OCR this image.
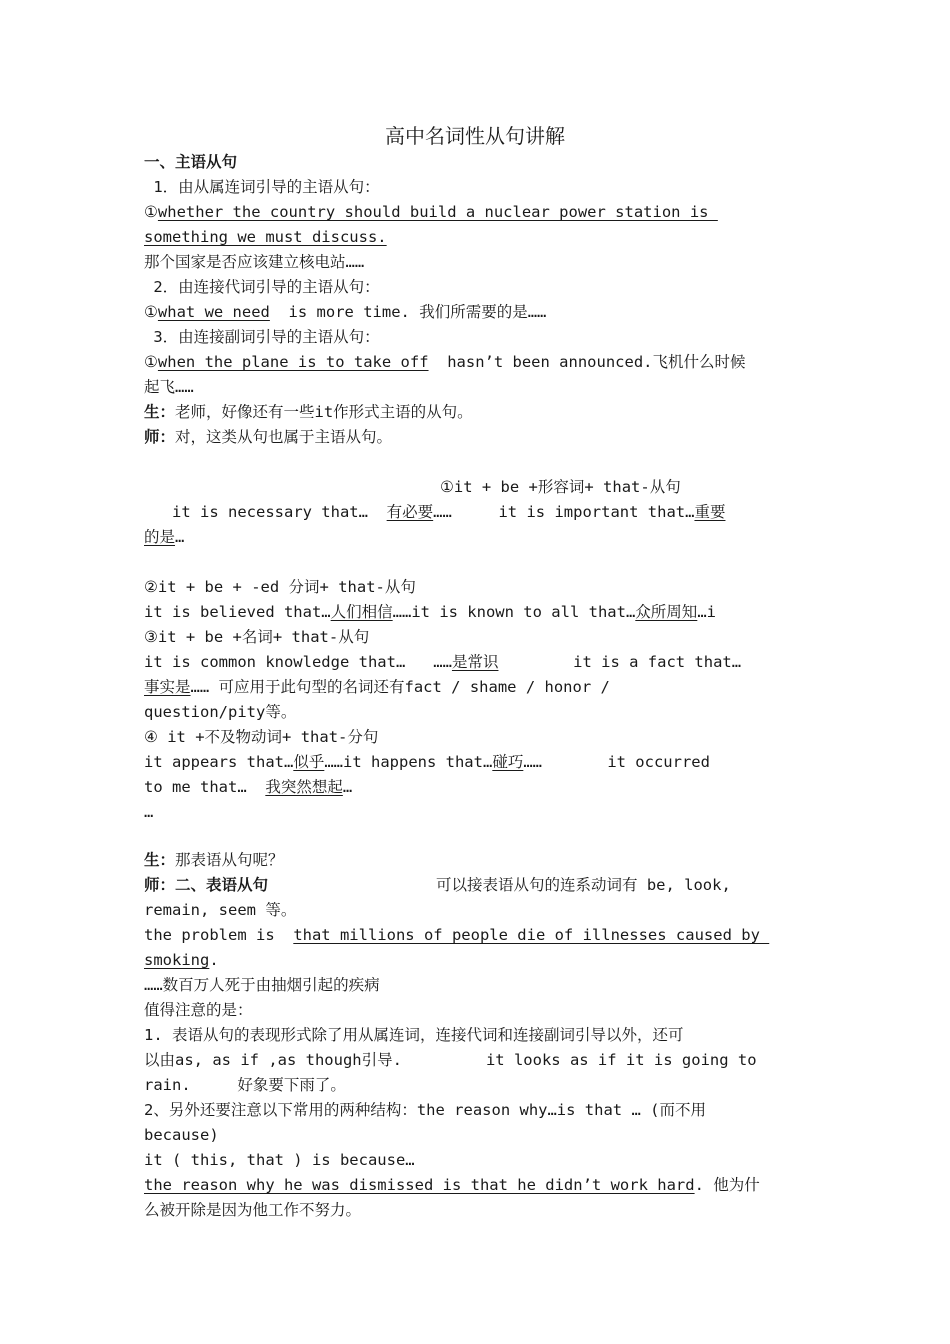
高中名词性从句讲解
一、主语从句
1．由从属连词引导的主语从句：
①whether the country should build a nuclear power station is
something we must discuss.
那个国家是否应该建立核电站……
2．由连接代词引导的主语从句：
①what we need  is more time. 我们所需要的是……
3．由连接副词引导的主语从句：
①when the plane is to take off  hasn’t been announced.飞机什么时候
起飞……
生：老师，好像还有一些it作形式主语的从句。
师：对，这类从句也属于主语从句。
①it + be +形容词+ that-从句
it is necessary that…  有必要……     it is important that…重要
的是…
②it + be + -ed 分词+ that-从句
it is believed that…人们相信……it is known to all that…众所周知…i
③it + be +名词+ that-从句
it is common knowledge that…   ……是常识        it is a fact that…
事实是…… 可应用于此句型的名词还有fact / shame / honor /
question/pity等。
④ it +不及物动词+ that-分句
it appears that…似乎……it happens that…碰巧……       it occurred
to me that…  我突然想起…
…
生：那表语从句呢？
师：二、表语从句                  可以接表语从句的连系动词有 be, look,
remain, seem 等。
the problem is  that millions of people die of illnesses caused by
smoking.
……数百万人死于由抽烟引起的疾病
值得注意的是：
1. 表语从句的表现形式除了用从属连词，连接代词和连接副词引导以外，还可
以由as, as if ,as though引导.         it looks as if it is going to
rain.     好象要下雨了。
2、另外还要注意以下常用的两种结构：the reason why…is that … (而不用
because)
it ( this, that ) is because…
the reason why he was dismissed is that he didn’t work hard. 他为什
么被开除是因为他工作不努力。
